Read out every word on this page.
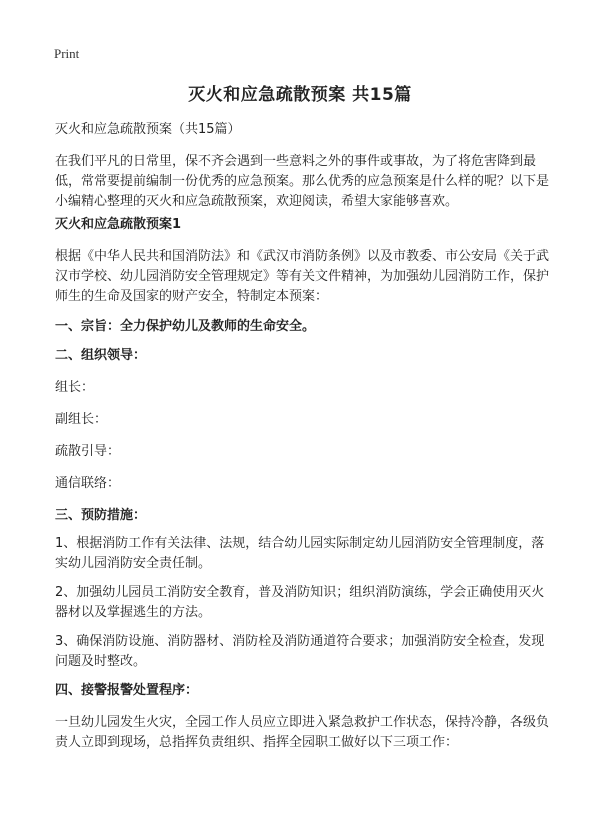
Print
灭火和应急疏散预案 共15篇
灭火和应急疏散预案（共15篇）
在我们平凡的日常里，保不齐会遇到一些意料之外的事件或事故，为了将危害降到最低，常常要提前编制一份优秀的应急预案。那么优秀的应急预案是什么样的呢？以下是小编精心整理的灭火和应急疏散预案，欢迎阅读，希望大家能够喜欢。
灭火和应急疏散预案1
根据《中华人民共和国消防法》和《武汉市消防条例》以及市教委、市公安局《关于武汉市学校、幼儿园消防安全管理规定》等有关文件精神，为加强幼儿园消防工作，保护师生的生命及国家的财产安全，特制定本预案：
一、宗旨：全力保护幼儿及教师的生命安全。
二、组织领导：
组长：
副组长：
疏散引导：
通信联络：
三、预防措施：
1、根据消防工作有关法律、法规，结合幼儿园实际制定幼儿园消防安全管理制度，落实幼儿园消防安全责任制。
2、加强幼儿园员工消防安全教育，普及消防知识；组织消防演练，学会正确使用灭火器材以及掌握逃生的方法。
3、确保消防设施、消防器材、消防栓及消防通道符合要求；加强消防安全检查，发现问题及时整改。
四、接警报警处置程序：
一旦幼儿园发生火灾，全园工作人员应立即进入紧急救护工作状态，保持冷静，各级负责人立即到现场，总指挥负责组织、指挥全园职工做好以下三项工作：
